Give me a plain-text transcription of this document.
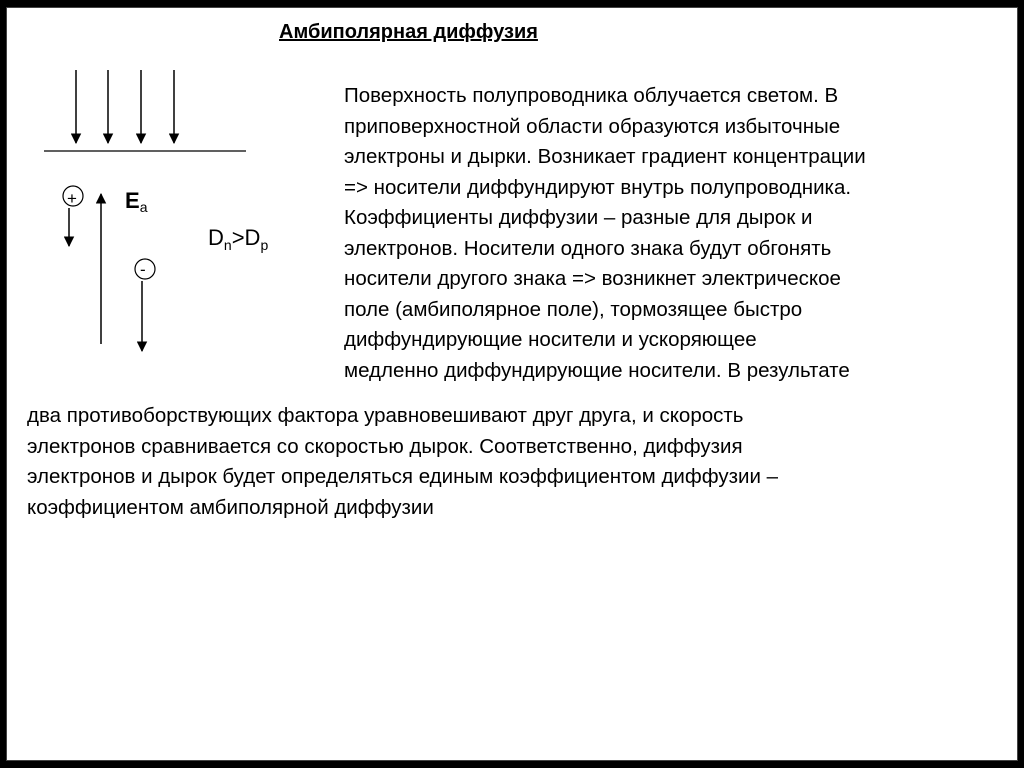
Амбиполярная диффузия
+
-
$E_a$
$D_n>D_p$
Поверхность полупроводника облучается светом. В
приповерхностной области образуются избыточные
электроны и дырки. Возникает градиент концентрации
=> носители диффундируют внутрь полупроводника.
Коэффициенты диффузии – разные для дырок и
электронов. Носители одного знака будут обгонять
носители другого знака => возникнет электрическое
поле (амбиполярное поле), тормозящее быстро
диффундирующие носители и ускоряющее
медленно диффундирующие носители. В результате
два противоборствующих фактора уравновешивают друг друга, и скорость
электронов сравнивается со скоростью дырок. Соответственно, диффузия
электронов и дырок будет определяться единым коэффициентом диффузии –
коэффициентом амбиполярной диффузии
